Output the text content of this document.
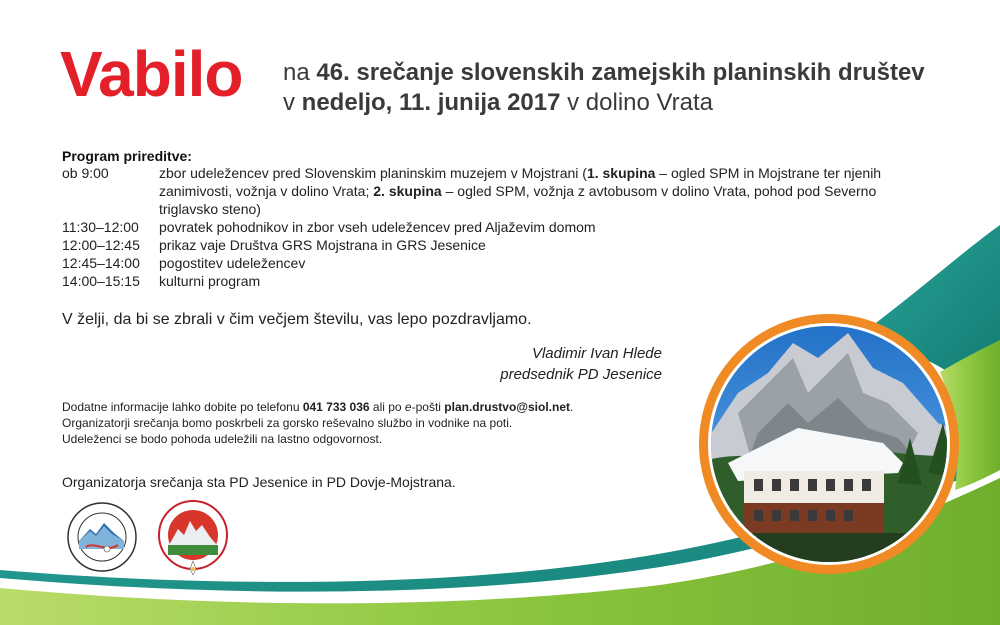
Vabilo na 46. srečanje slovenskih zamejskih planinskih društev
v nedeljo, 11. junija 2017 v dolino Vrata
Program prireditve:
ob 9:00	zbor udeležencev pred Slovenskim planinskim muzejem v Mojstrani (1. skupina – ogled SPM in Mojstrane ter njenih
zanimivosti, vožnja v dolino Vrata; 2. skupina – ogled SPM, vožnja z avtobusom v dolino Vrata, pohod pod Severno
triglavsko steno)
11:30–12:00	povratek pohodnikov in zbor vseh udeležencev pred Aljaževim domom
12:00–12:45	prikaz vaje Društva GRS Mojstrana in GRS Jesenice
12:45–14:00	pogostitev udeležencev
14:00–15:15	kulturni program
V želji, da bi se zbrali v čim večjem številu, vas lepo pozdravljamo.
Vladimir Ivan Hlede
predsednik PD Jesenice
Dodatne informacije lahko dobite po telefonu 041 733 036 ali po e-pošti plan.drustvo@siol.net.
Organizatorji srečanja bomo poskrbeli za gorsko reševalno službo in vodnike na poti.
Udeleženci se bodo pohoda udeležili na lastno odgovornost.
Organizatorja srečanja sta PD Jesenice in PD Dovje-Mojstrana.
